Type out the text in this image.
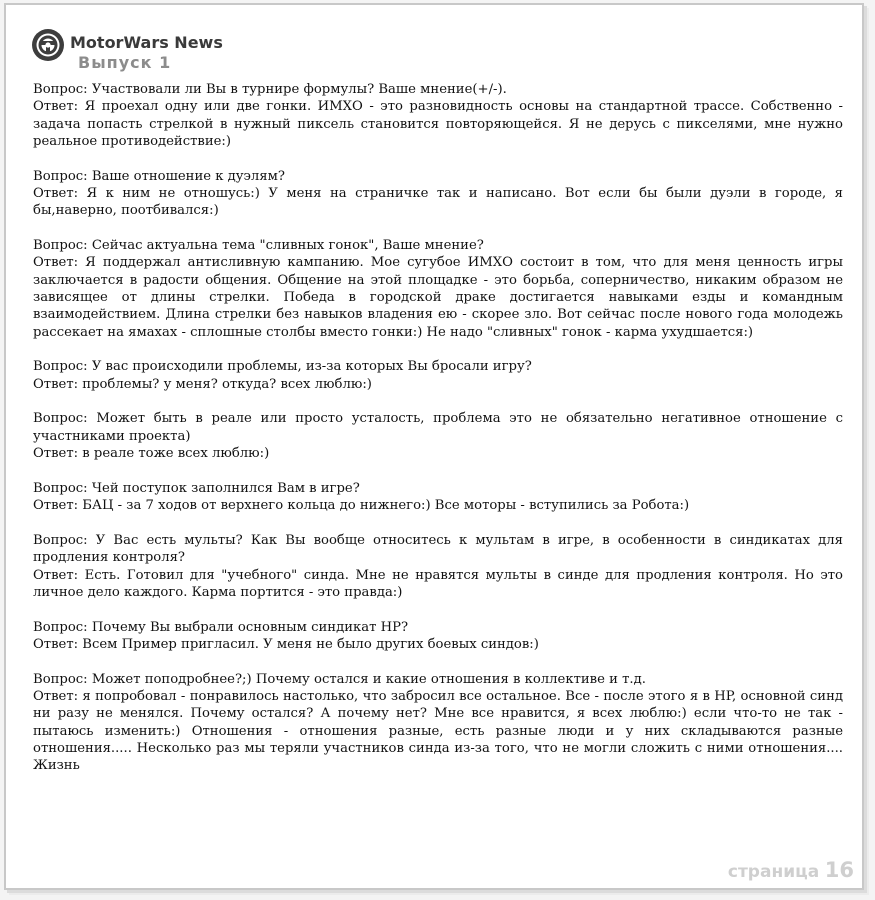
MotorWars News
Выпуск 1

Вопрос: Участвовали ли Вы в турнире формулы? Ваше мнение(+/-).

Ответ: Я проехал одну или две гонки. ИМХО - это разновидность основы на стандартной трассе. Собственно - задача попасть стрелкой в нужный пиксель становится повторяющейся. Я не дерусь с пикселями, мне нужно реальное противодействие:)

Вопрос: Ваше отношение к дуэлям?

Ответ: Я к ним не отношусь:) У меня на страничке так и написано. Вот если бы были дуэли в городе, я бы,наверно, поотбивался:)

Вопрос: Сейчас актуальна тема "сливных гонок", Ваше мнение?

Ответ: Я поддержал антисливную кампанию. Мое сугубое ИМХО состоит в том, что для меня ценность игры заключается в радости общения. Общение на этой площадке - это борьба, соперничество, никаким образом не зависящее от длины стрелки. Победа в городской драке достигается навыками езды и командным взаимодействием. Длина стрелки без навыков владения ею - скорее зло. Вот сейчас после нового года молодежь рассекает на ямахах - сплошные столбы вместо гонки:) Не надо "сливных" гонок - карма ухудшается:)

Вопрос: У вас происходили проблемы, из-за которых Вы бросали игру?

Ответ: проблемы? у меня? откуда? всех люблю:)

Вопрос: Может быть в реале или просто усталость, проблема это не обязательно негативное отношение с участниками проекта)

Ответ: в реале тоже всех люблю:)

Вопрос: Чей поступок заполнился Вам в игре?

Ответ: БАЦ - за 7 ходов от верхнего кольца до нижнего:) Все моторы - вступились за Робота:)

Вопрос: У Вас есть мульты? Как Вы вообще относитесь к мультам в игре, в особенности в синдикатах для продления контроля?

Ответ: Есть. Готовил для "учебного" синда. Мне не нравятся мульты в синде для продления контроля. Но это личное дело каждого. Карма портится - это правда:)

Вопрос: Почему Вы выбрали основным синдикат HP?

Ответ: Всем Пример пригласил. У меня не было других боевых синдов:)

Вопрос: Может поподробнее?;) Почему остался и какие отношения в коллективе и т.д.

Ответ: я попробовал - понравилось настолько, что забросил все остальное. Все - после этого я в HP, основной синд ни разу не менялся. Почему остался? А почему нет? Мне все нравится, я всех люблю:) если что-то не так - пытаюсь изменить:) Отношения - отношения разные, есть разные люди и у них складываются разные отношения..... Несколько раз мы теряли участников синда из-за того, что не могли сложить с ними отношения.... Жизнь

страница 16
